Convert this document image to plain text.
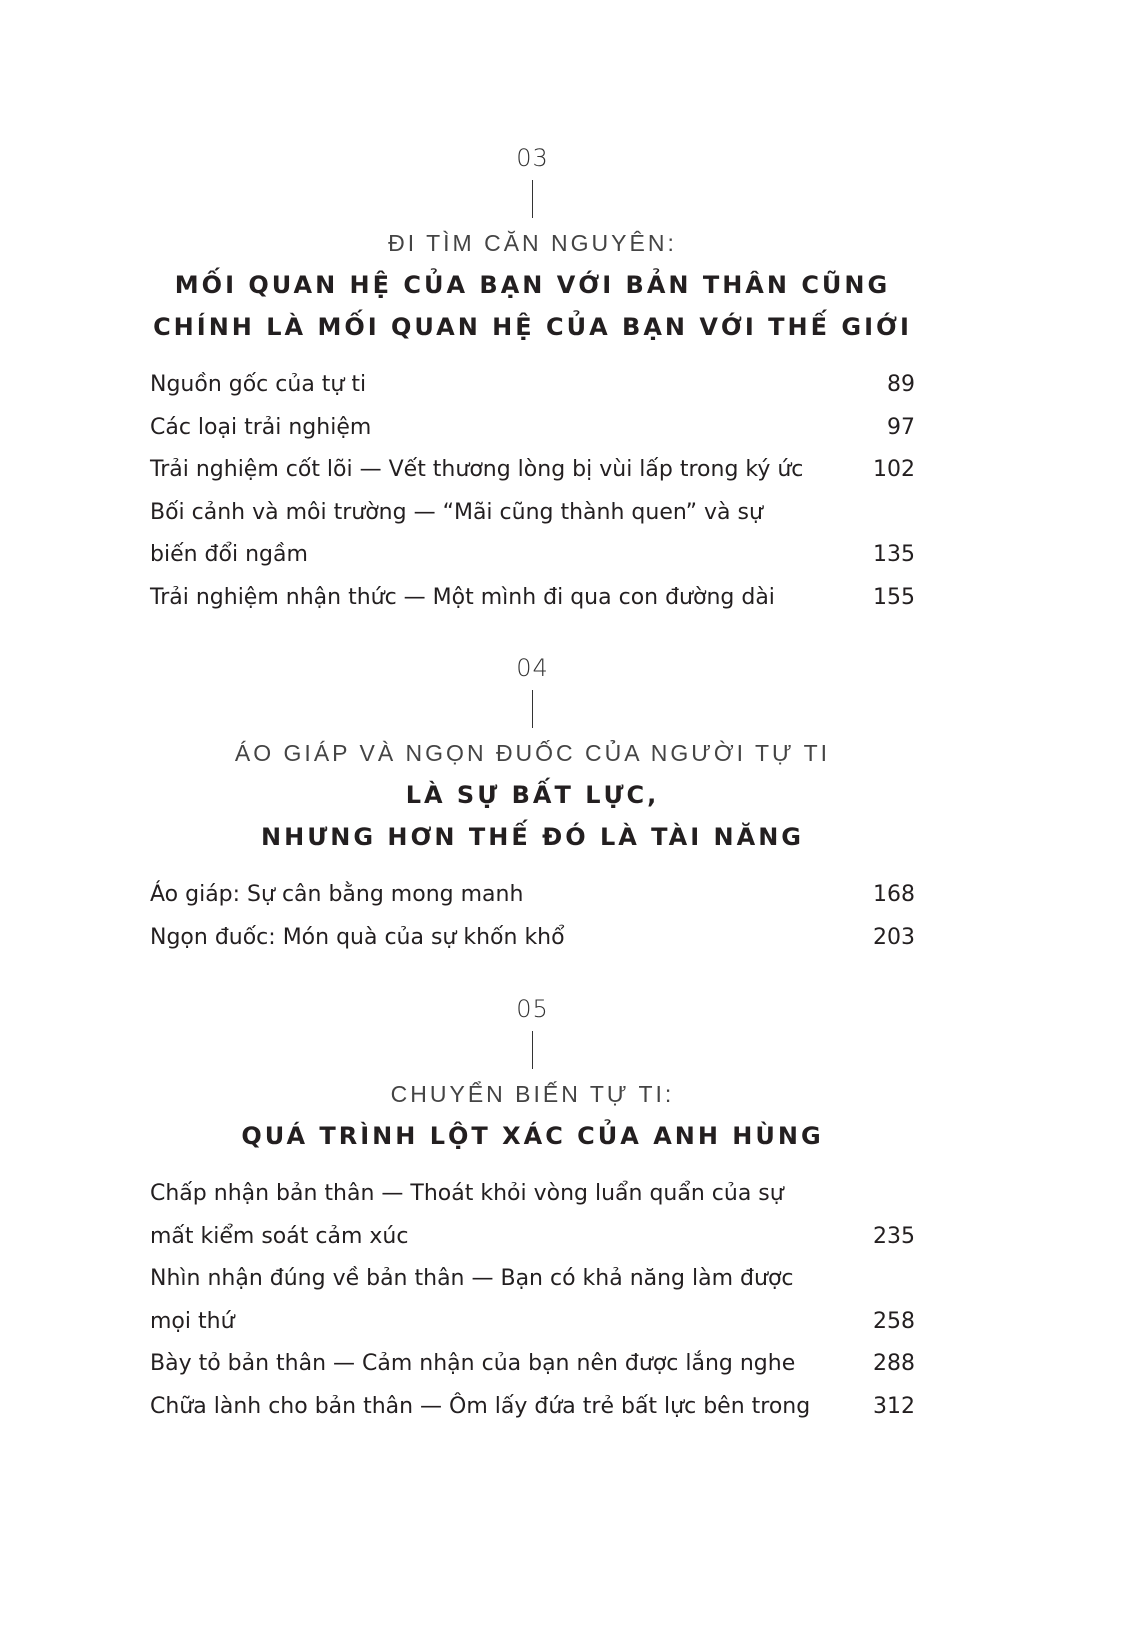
03
ĐI TÌM CĂN NGUYÊN:
MỐI QUAN HỆ CỦA BẠN VỚI BẢN THÂN CŨNG
CHÍNH LÀ MỐI QUAN HỆ CỦA BẠN VỚI THẾ GIỚI
Nguồn gốc của tự ti	89
Các loại trải nghiệm	97
Trải nghiệm cốt lõi — Vết thương lòng bị vùi lấp trong ký ức	102
Bối cảnh và môi trường — “Mãi cũng thành quen” và sự
biến đổi ngầm	135
Trải nghiệm nhận thức — Một mình đi qua con đường dài	155
04
ÁO GIÁP VÀ NGỌN ĐUỐC CỦA NGƯỜI TỰ TI
LÀ SỰ BẤT LỰC,
NHƯNG HƠN THẾ ĐÓ LÀ TÀI NĂNG
Áo giáp: Sự cân bằng mong manh	168
Ngọn đuốc: Món quà của sự khốn khổ	203
05
CHUYỂN BIẾN TỰ TI:
QUÁ TRÌNH LỘT XÁC CỦA ANH HÙNG
Chấp nhận bản thân — Thoát khỏi vòng luẩn quẩn của sự
mất kiểm soát cảm xúc	235
Nhìn nhận đúng về bản thân — Bạn có khả năng làm được
mọi thứ	258
Bày tỏ bản thân — Cảm nhận của bạn nên được lắng nghe	288
Chữa lành cho bản thân — Ôm lấy đứa trẻ bất lực bên trong	312
